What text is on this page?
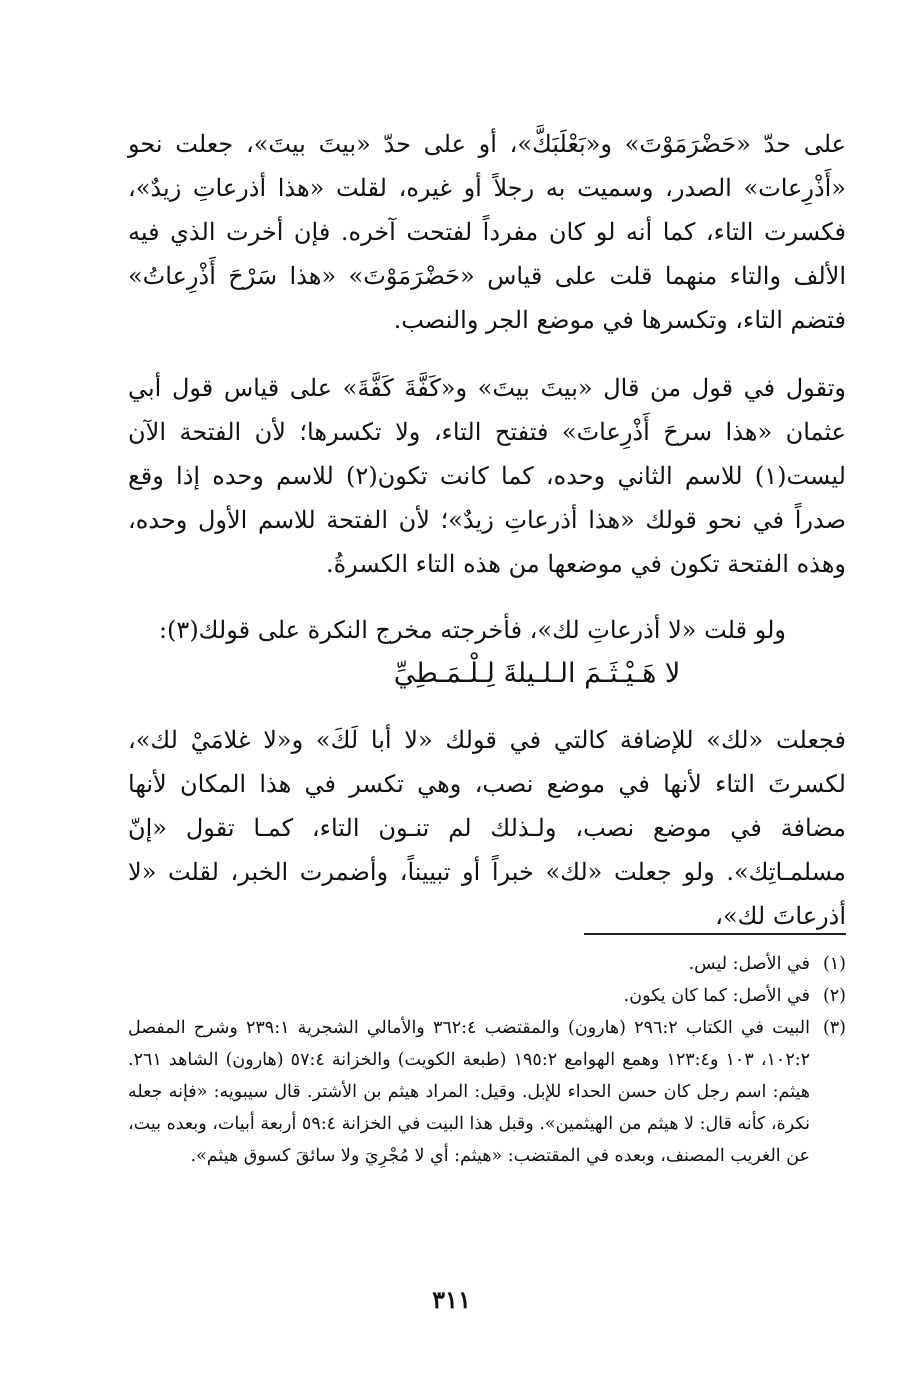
على حدّ «حَضْرَمَوْتَ» و«بَعْلَبَكَّ»، أو على حدّ «بيتَ بيتَ»، جعلت نحو «أَذْرِعات» الصدر، وسميت به رجلاً أو غيره، لقلت «هذا أذرعاتِ زيدٌ»، فكسرت التاء، كما أنه لو كان مفرداً لفتحت آخره. فإن أخرت الذي فيه الألف والتاء منهما قلت على قياس «حَضْرَمَوْتَ» «هذا سَرْحَ أَذْرِعاتُ» فتضم التاء، وتكسرها في موضع الجر والنصب.

وتقول في قول من قال «بيتَ بيتَ» و«كَفَّةَ كَفَّةَ» على قياس قول أبي عثمان «هذا سرحَ أَذْرِعاتَ» فتفتح التاء، ولا تكسرها؛ لأن الفتحة الآن ليست(١) للاسم الثاني وحده، كما كانت تكون(٢) للاسم وحده إذا وقع صدراً في نحو قولك «هذا أذرعاتِ زيدٌ»؛ لأن الفتحة للاسم الأول وحده، وهذه الفتحة تكون في موضعها من هذه التاء الكسرةُ.

ولو قلت «لا أذرعاتِ لك»، فأخرجته مخرج النكرة على قولك(٣):
لا هَـيْـثَـمَ الـلـيلةَ لِـلْـمَـطِيِّ

فجعلت «لك» للإضافة كالتي في قولك «لا أبا لَكَ» و«لا غلامَيْ لك»، لكسرتَ التاء لأنها في موضع نصب، وهي تكسر في هذا المكان لأنها مضافة في موضع نصب، ولـذلك لم تنـون التاء، كمـا تقول «إنّ مسلمـاتِك». ولو جعلت «لك» خبراً أو تبييناً، وأضمرت الخبر، لقلت «لا أذرعاتَ لك»،

(١)
في الأصل: ليس.
(٢)
في الأصل: كما كان يكون.
(٣)
البيت في الكتاب ٢٩٦:٢ (هارون) والمقتضب ٣٦٢:٤ والأمالي الشجرية ٢٣٩:١ وشرح المفصل ١٠٢:٢، ١٠٣ و١٢٣:٤ وهمع الهوامع ١٩٥:٢ (طبعة الكويت) والخزانة ٥٧:٤ (هارون) الشاهد ٢٦١. هيثم: اسم رجل كان حسن الحداء للإبل. وقيل: المراد هيثم بن الأشتر. قال سيبويه: «فإنه جعله نكرة، كأنه قال: لا هيثم من الهيثمين». وقبل هذا البيت في الخزانة ٥٩:٤ أربعة أبيات، وبعده بيت، عن الغريب المصنف، وبعده في المقتضب: «هيثم: أي لا مُجْرِيَ ولا سائقَ كسوق هيثم».
٣١١
